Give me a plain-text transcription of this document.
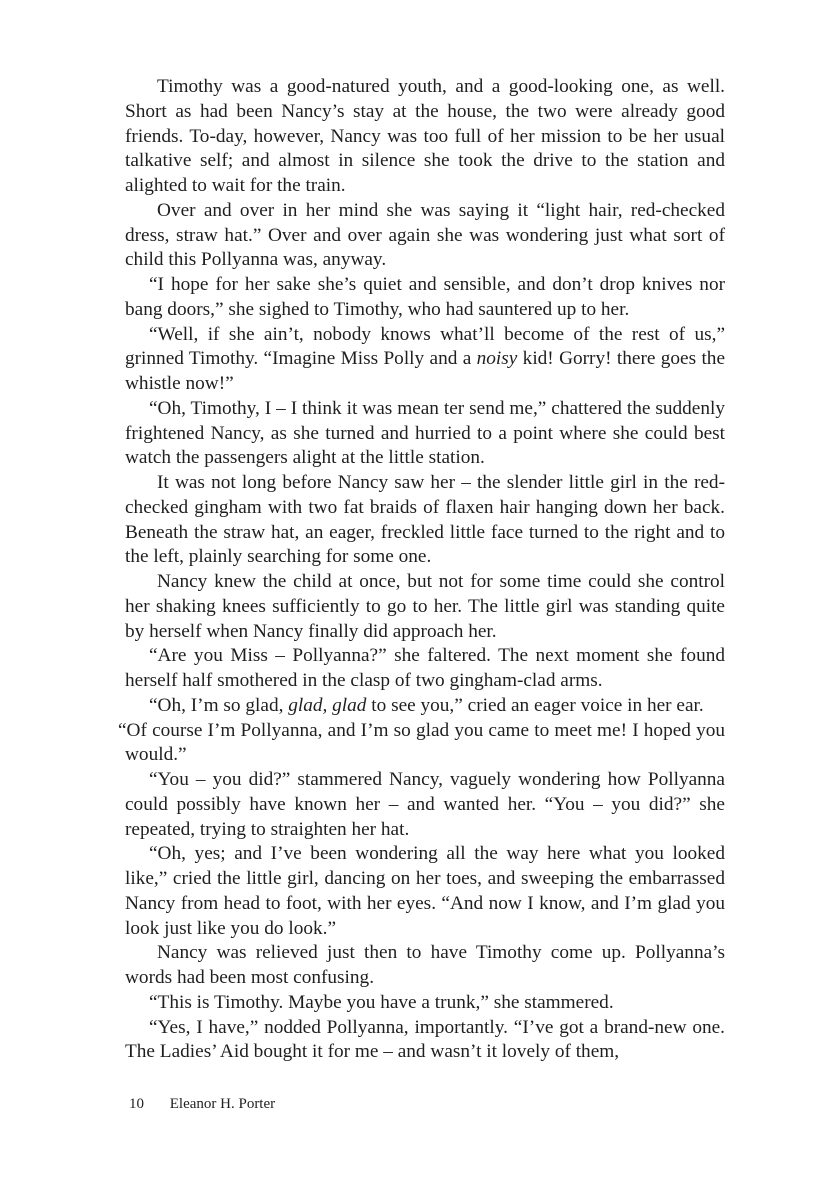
Timothy was a good-natured youth, and a good-looking one, as well. Short as had been Nancy’s stay at the house, the two were already good friends. To-day, however, Nancy was too full of her mission to be her usual talkative self; and almost in silence she took the drive to the station and alighted to wait for the train.

Over and over in her mind she was saying it “light hair, red-checked dress, straw hat.” Over and over again she was wondering just what sort of child this Pollyanna was, anyway.

“I hope for her sake she’s quiet and sensible, and don’t drop knives nor bang doors,” she sighed to Timothy, who had sauntered up to her.

“Well, if she ain’t, nobody knows what’ll become of the rest of us,” grinned Timothy. “Imagine Miss Polly and a noisy kid! Gorry! there goes the whistle now!”

“Oh, Timothy, I – I think it was mean ter send me,” chattered the suddenly frightened Nancy, as she turned and hurried to a point where she could best watch the passengers alight at the little station.

It was not long before Nancy saw her – the slender little girl in the red-checked gingham with two fat braids of flaxen hair hanging down her back. Beneath the straw hat, an eager, freckled little face turned to the right and to the left, plainly searching for some one.

Nancy knew the child at once, but not for some time could she control her shaking knees sufficiently to go to her. The little girl was standing quite by herself when Nancy finally did approach her.

“Are you Miss – Pollyanna?” she faltered. The next moment she found herself half smothered in the clasp of two gingham-clad arms.

“Oh, I’m so glad, glad, glad to see you,” cried an eager voice in her ear.
“Of course I’m Pollyanna, and I’m so glad you came to meet me! I hoped you would.”

“You – you did?” stammered Nancy, vaguely wondering how Pollyanna could possibly have known her – and wanted her. “You – you did?” she repeated, trying to straighten her hat.

“Oh, yes; and I’ve been wondering all the way here what you looked like,” cried the little girl, dancing on her toes, and sweeping the embarrassed Nancy from head to foot, with her eyes. “And now I know, and I’m glad you look just like you do look.”

Nancy was relieved just then to have Timothy come up. Pollyanna’s words had been most confusing.

“This is Timothy. Maybe you have a trunk,” she stammered.

“Yes, I have,” nodded Pollyanna, importantly. “I’ve got a brand-new one. The Ladies’ Aid bought it for me – and wasn’t it lovely of them,

10 Eleanor H. Porter
